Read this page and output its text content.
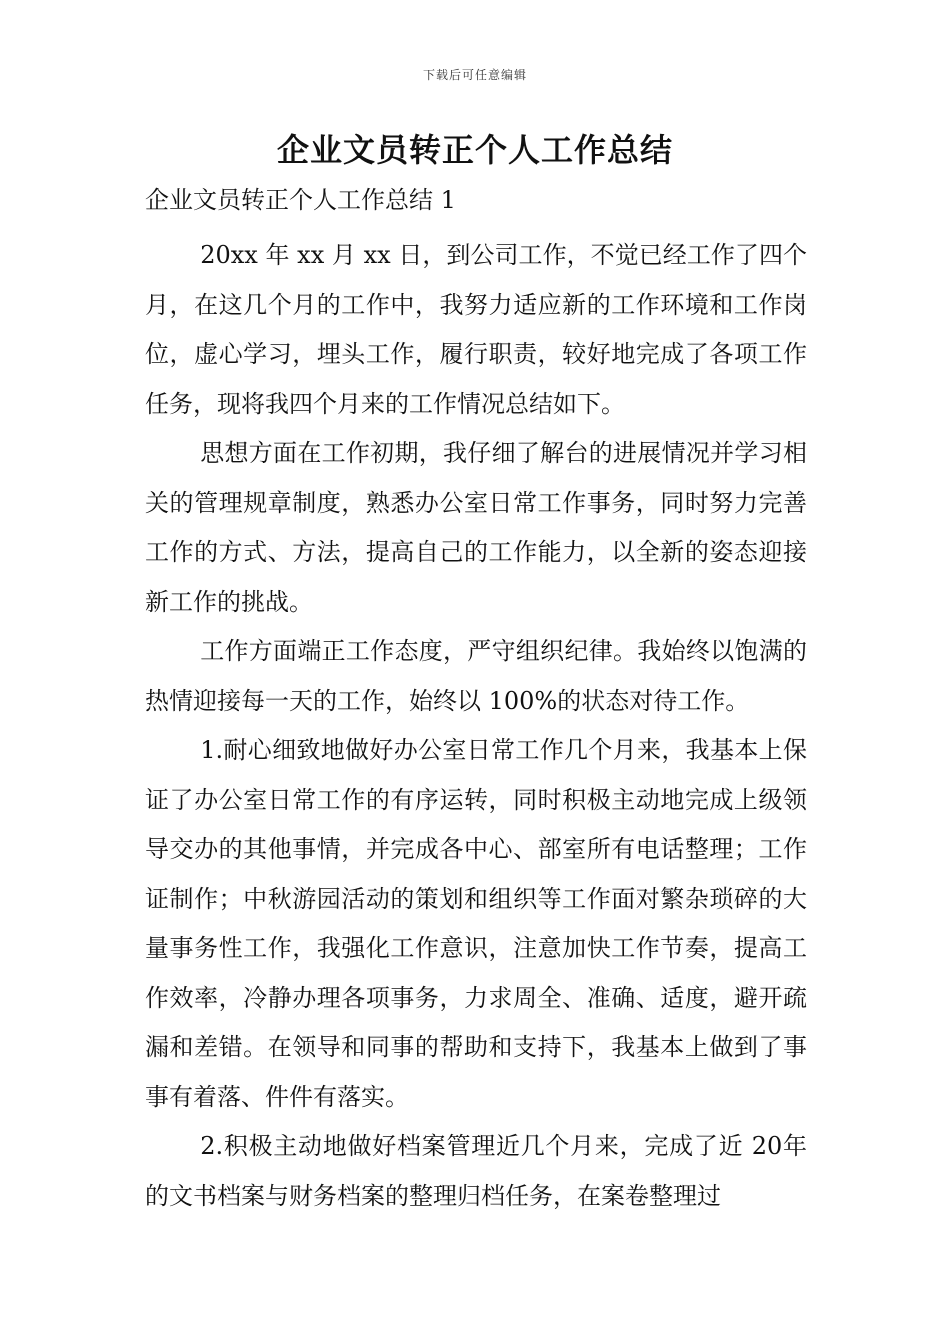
下载后可任意编辑
企业文员转正个人工作总结

企业文员转正个人工作总结 1

20xx 年 xx 月 xx 日，到公司工作，不觉已经工作了四个月，在这几个月的工作中，我努力适应新的工作环境和工作岗位，虚心学习，埋头工作，履行职责，较好地完成了各项工作任务，现将我四个月来的工作情况总结如下。

思想方面在工作初期，我仔细了解台的进展情况并学习相关的管理规章制度，熟悉办公室日常工作事务，同时努力完善工作的方式、方法，提高自己的工作能力，以全新的姿态迎接新工作的挑战。

工作方面端正工作态度，严守组织纪律。我始终以饱满的热情迎接每一天的工作，始终以 100%的状态对待工作。

1.耐心细致地做好办公室日常工作几个月来，我基本上保证了办公室日常工作的有序运转，同时积极主动地完成上级领导交办的其他事情，并完成各中心、部室所有电话整理；工作证制作；中秋游园活动的策划和组织等工作面对繁杂琐碎的大量事务性工作，我强化工作意识，注意加快工作节奏，提高工作效率，冷静办理各项事务，力求周全、准确、适度，避开疏漏和差错。在领导和同事的帮助和支持下，我基本上做到了事事有着落、件件有落实。

2.积极主动地做好档案管理近几个月来，完成了近 20年的文书档案与财务档案的整理归档任务，在案卷整理过
